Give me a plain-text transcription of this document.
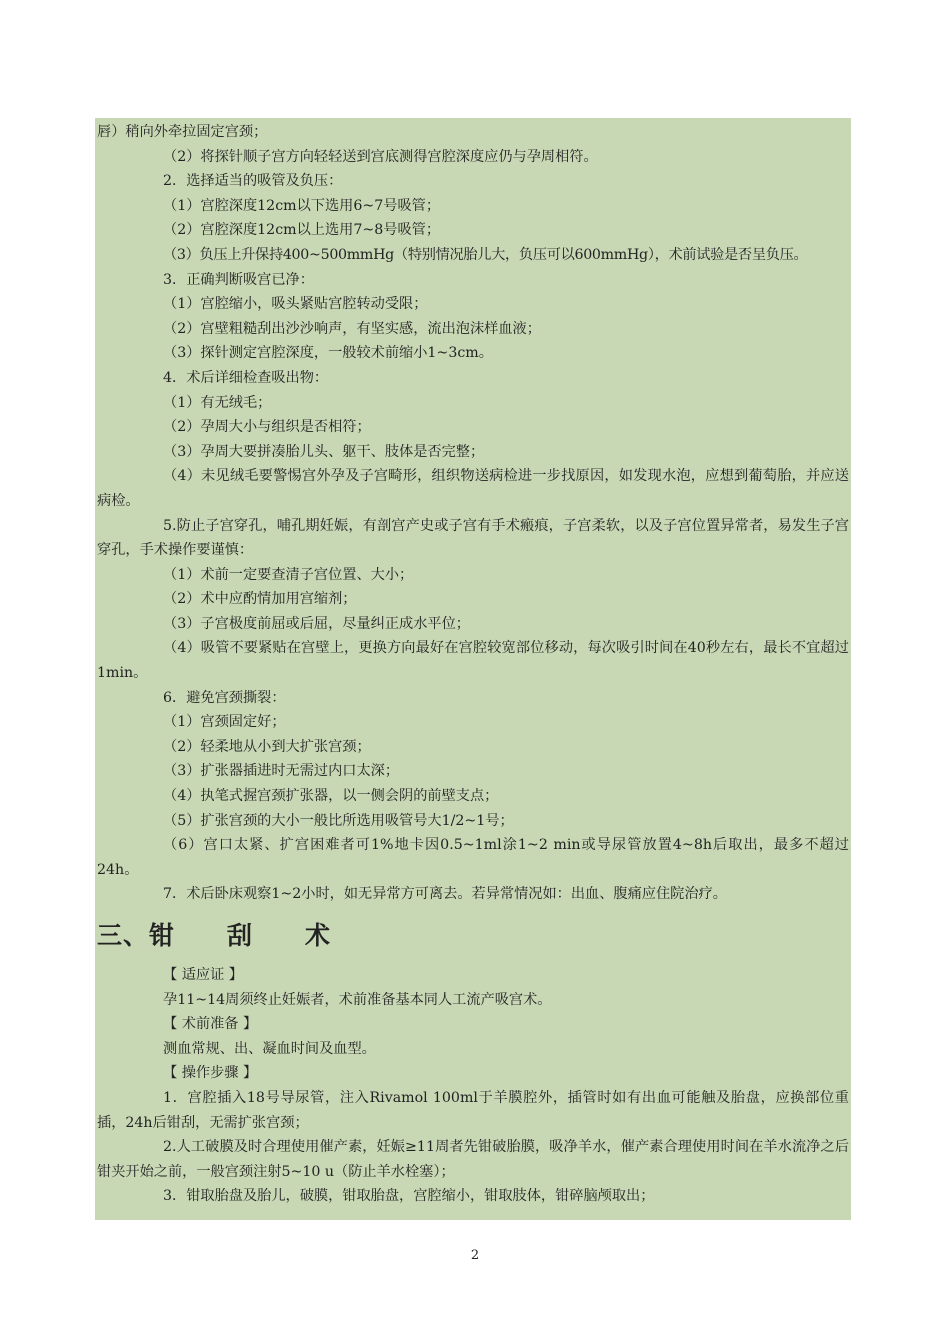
唇）稍向外牵拉固定宫颈；
（2）将探针顺子宫方向轻轻送到宫底测得宫腔深度应仍与孕周相符。
2．选择适当的吸管及负压：
（1）宫腔深度12cm以下选用6~7号吸管；
（2）宫腔深度12cm以上选用7~8号吸管；
（3）负压上升保持400~500mmHg（特别情况胎儿大，负压可以600mmHg），术前试验是否呈负压。
3．正确判断吸宫已净：
（1）宫腔缩小，吸头紧贴宫腔转动受限；
（2）宫壁粗糙刮出沙沙响声，有坚实感，流出泡沫样血液；
（3）探针测定宫腔深度，一般较术前缩小1~3cm。
4．术后详细检查吸出物：
（1）有无绒毛；
（2）孕周大小与组织是否相符；
（3）孕周大要拼凑胎儿头、躯干、肢体是否完整；
（4）未见绒毛要警惕宫外孕及子宫畸形，组织物送病检进一步找原因，如发现水泡，应想到葡萄胎，并应送病检。
5.防止子宫穿孔，哺孔期妊娠，有剖宫产史或子宫有手术瘢痕，子宫柔软，以及子宫位置异常者，易发生子宫穿孔，手术操作要谨慎：
（1）术前一定要查清子宫位置、大小；
（2）术中应酌情加用宫缩剂；
（3）子宫极度前屈或后屈，尽量纠正成水平位；
（4）吸管不要紧贴在宫壁上，更换方向最好在宫腔较宽部位移动，每次吸引时间在40秒左右，最长不宜超过1min。
6．避免宫颈撕裂：
（1）宫颈固定好；
（2）轻柔地从小到大扩张宫颈；
（3）扩张器插进时无需过内口太深；
（4）执笔式握宫颈扩张器，以一侧会阴的前壁支点；
（5）扩张宫颈的大小一般比所选用吸管号大1/2~1号；
（6）宫口太紧、扩宫困难者可1%地卡因0.5~1ml涂1~2 min或导尿管放置4~8h后取出，最多不超过24h。
7．术后卧床观察1~2小时，如无异常方可离去。若异常情况如：出血、腹痛应住院治疗。
三、钳 刮 术
【 适应证 】
孕11~14周须终止妊娠者，术前准备基本同人工流产吸宫术。
【 术前准备 】
测血常规、出、凝血时间及血型。
【 操作步骤 】
1．宫腔插入18号导尿管，注入Rivamol 100ml于羊膜腔外，插管时如有出血可能触及胎盘，应换部位重插，24h后钳刮，无需扩张宫颈；
2.人工破膜及时合理使用催产素，妊娠≥11周者先钳破胎膜，吸净羊水，催产素合理使用时间在羊水流净之后钳夹开始之前，一般宫颈注射5~10 u（防止羊水栓塞）；
3．钳取胎盘及胎儿，破膜，钳取胎盘，宫腔缩小，钳取肢体，钳碎脑颅取出；
2
